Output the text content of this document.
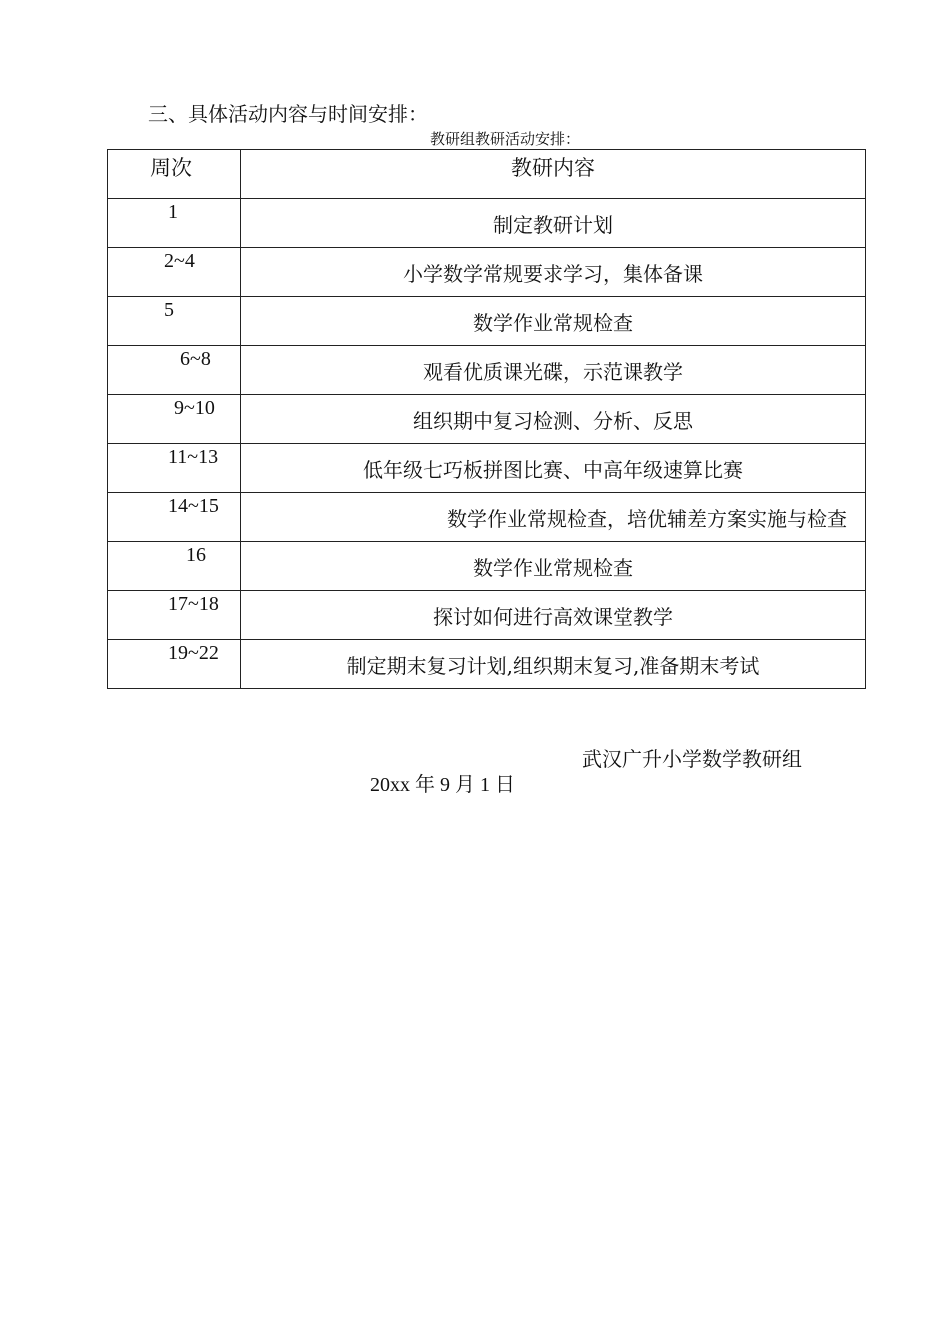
三、具体活动内容与时间安排：
教研组教研活动安排：
周次	教研内容
1	制定教研计划
2~4	小学数学常规要求学习，集体备课
5	数学作业常规检查
6~8	观看优质课光碟，示范课教学
9~10	组织期中复习检测、分析、反思
11~13	低年级七巧板拼图比赛、中高年级速算比赛
14~15	数学作业常规检查，培优辅差方案实施与检查
16	数学作业常规检查
17~18	探讨如何进行高效课堂教学
19~22	制定期末复习计划,组织期末复习,准备期末考试
武汉广升小学数学教研组
20xx 年 9 月 1 日
